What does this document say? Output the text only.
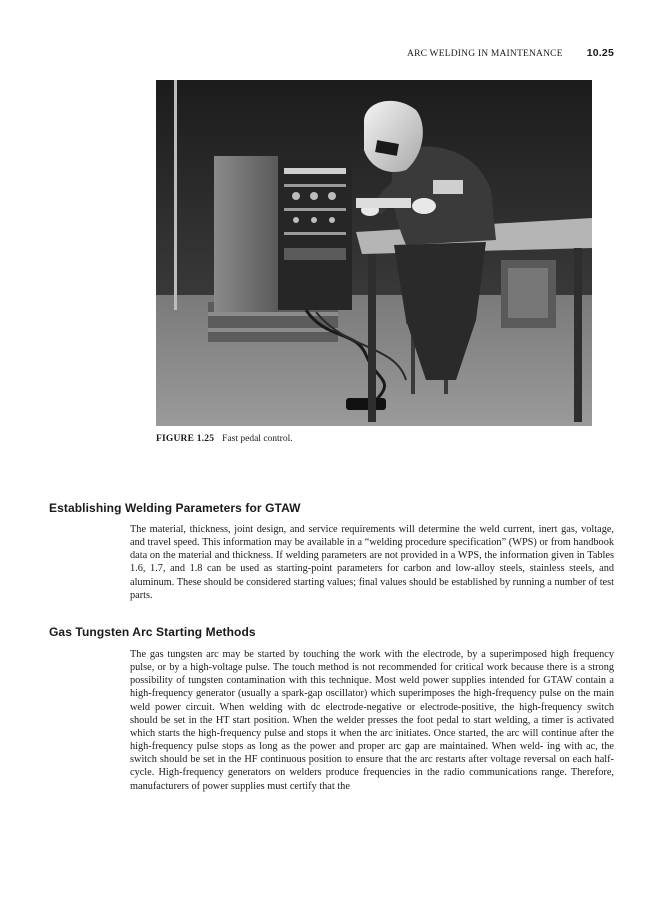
ARC WELDING IN MAINTENANCE 10.25
FIGURE 1.25 Fast pedal control.
Establishing Welding Parameters for GTAW

The material, thickness, joint design, and service requirements will determine the weld current, inert gas, voltage, and travel speed. This information may be available in a “welding procedure specification” (WPS) or from handbook data on the material and thickness. If welding parameters are not provided in a WPS, the information given in Tables 1.6, 1.7, and 1.8 can be used as starting-point parameters for carbon and low-alloy steels, stainless steels, and aluminum. These should be considered starting values; final values should be established by running a number of test parts.

Gas Tungsten Arc Starting Methods

The gas tungsten arc may be started by touching the work with the electrode, by a superimposed high frequency pulse, or by a high-voltage pulse. The touch method is not recommended for critical work because there is a strong possibility of tungsten contamination with this technique. Most weld power supplies intended for GTAW contain a high-frequency generator (usually a spark-gap oscillator) which superimposes the high-frequency pulse on the main weld power circuit. When welding with dc electrode-negative or electrode-positive, the high-frequency switch should be set in the HT start position. When the welder presses the foot pedal to start welding, a timer is activated which starts the high-frequency pulse and stops it when the arc initiates. Once started, the arc will continue after the high-frequency pulse stops as long as the power and proper arc gap are maintained. When weld- ing with ac, the switch should be set in the HF continuous position to ensure that the arc restarts after voltage reversal on each half-cycle. High-frequency generators on welders produce frequencies in the radio communications range. Therefore, manufacturers of power supplies must certify that the
